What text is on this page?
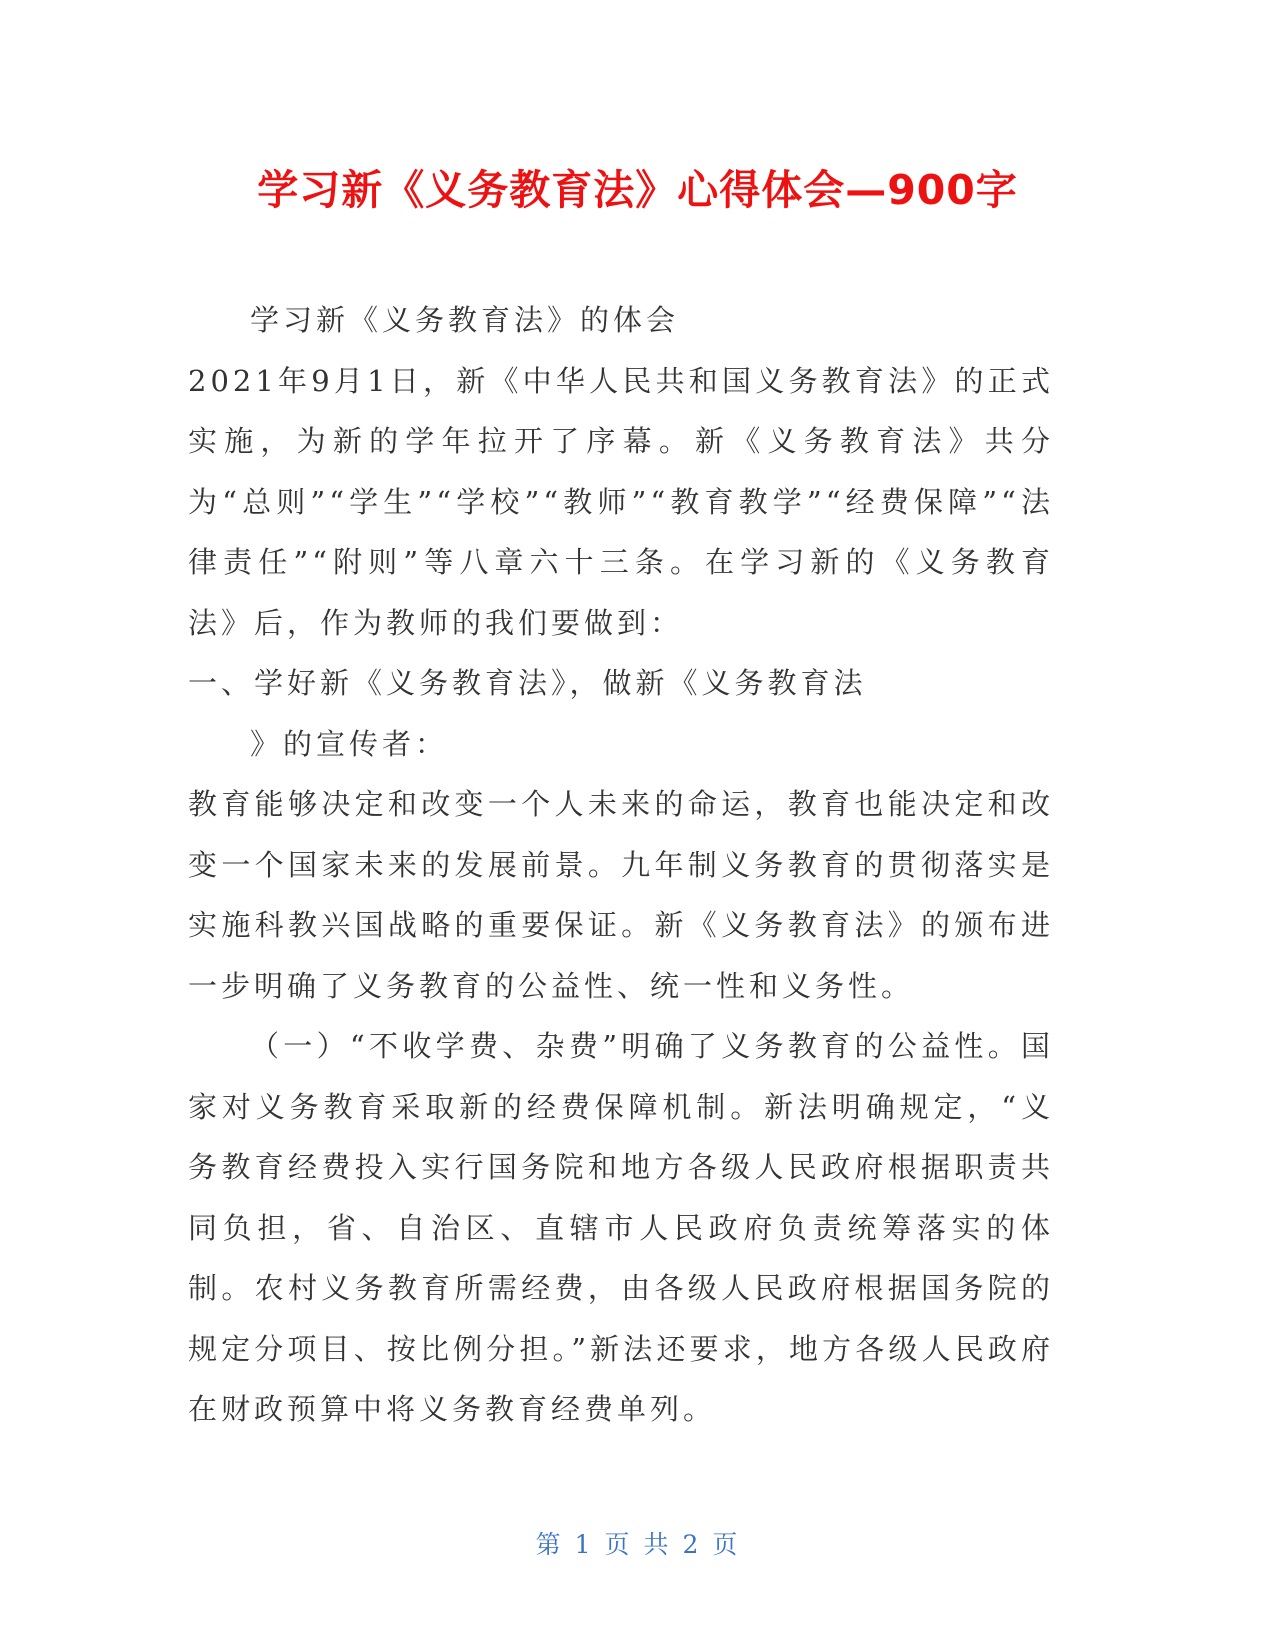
学习新《义务教育法》心得体会—900字

学习新《义务教育法》的体会

2021年9月1日，新《中华人民共和国义务教育法》的正式实施，为新的学年拉开了序幕。新《义务教育法》共分为“总则”“学生”“学校”“教师”“教育教学”“经费保障”“法律责任”“附则”等八章六十三条。在学习新的《义务教育法》后，作为教师的我们要做到：

一、学好新《义务教育法》，做新《义务教育法

》的宣传者：

教育能够决定和改变一个人未来的命运，教育也能决定和改变一个国家未来的发展前景。九年制义务教育的贯彻落实是实施科教兴国战略的重要保证。新《义务教育法》的颁布进一步明确了义务教育的公益性、统一性和义务性。

（一）“不收学费、杂费”明确了义务教育的公益性。国家对义务教育采取新的经费保障机制。新法明确规定，“义务教育经费投入实行国务院和地方各级人民政府根据职责共同负担，省、自治区、直辖市人民政府负责统筹落实的体制。农村义务教育所需经费，由各级人民政府根据国务院的规定分项目、按比例分担。”新法还要求，地方各级人民政府在财政预算中将义务教育经费单列。

第 1 页 共 2 页
